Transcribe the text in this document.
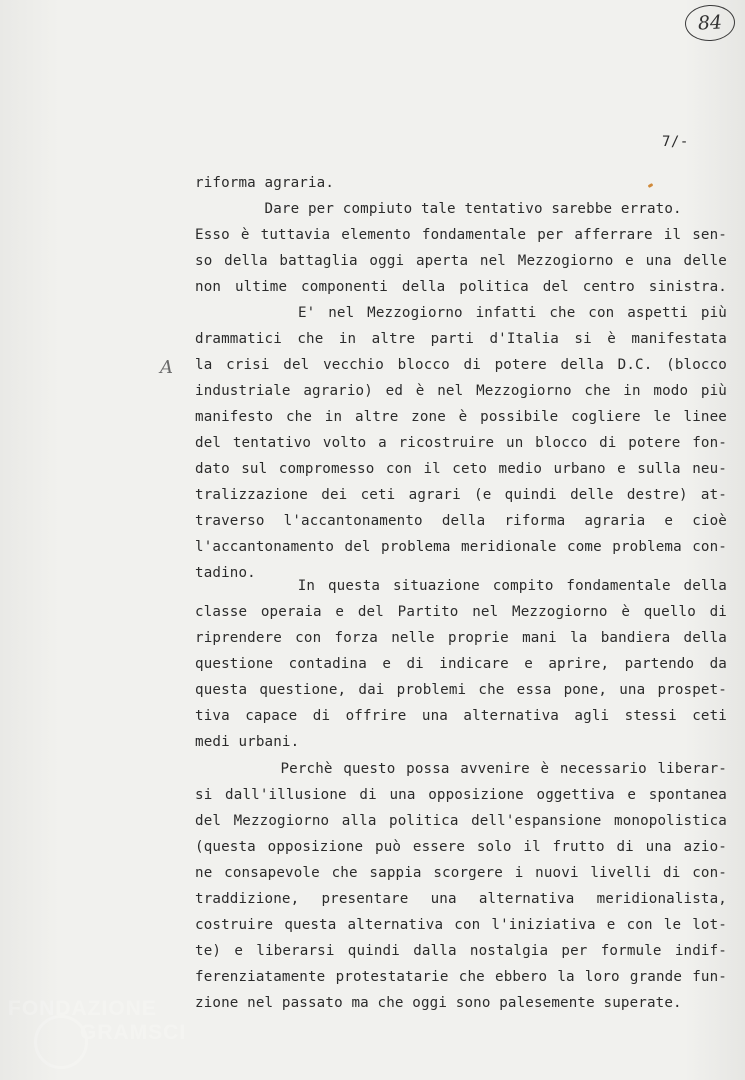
84
7/-
A
riforma agraria.
Dare per compiuto tale tentativo sarebbe errato.
Esso è tuttavia elemento fondamentale per afferrare il sen-
so della battaglia oggi aperta nel Mezzogiorno e una delle
non ultime componenti della politica del centro sinistra.
E' nel Mezzogiorno infatti che con aspetti più
drammatici che in altre parti d'Italia si è manifestata
la crisi del vecchio blocco di potere della D.C. (blocco
industriale agrario) ed è nel Mezzogiorno che in modo più
manifesto che in altre zone è possibile cogliere le linee
del tentativo volto a ricostruire un blocco di potere fon-
dato sul compromesso con il ceto medio urbano e sulla neu-
tralizzazione dei ceti agrari (e quindi delle destre) at-
traverso l'accantonamento della riforma agraria e cioè
l'accantonamento del problema meridionale come problema con-
tadino.
In questa situazione compito fondamentale della
classe operaia e del Partito nel Mezzogiorno è quello di
riprendere con forza nelle proprie mani la bandiera della
questione contadina e di indicare e aprire, partendo da
questa questione, dai problemi che essa pone, una prospet-
tiva capace di offrire una alternativa agli stessi ceti
medi urbani.
Perchè questo possa avvenire è necessario liberar-
si dall'illusione di una opposizione oggettiva e spontanea
del Mezzogiorno alla politica dell'espansione monopolistica
(questa opposizione può essere solo il frutto di una azio-
ne consapevole che sappia scorgere i nuovi livelli di con-
traddizione, presentare una alternativa meridionalista,
costruire questa alternativa con l'iniziativa e con le lot-
te) e liberarsi quindi dalla nostalgia per formule indif-
ferenziatamente protestatarie che ebbero la loro grande fun-
zione nel passato ma che oggi sono palesemente superate.
FONDAZIONE
GRAMSCI
